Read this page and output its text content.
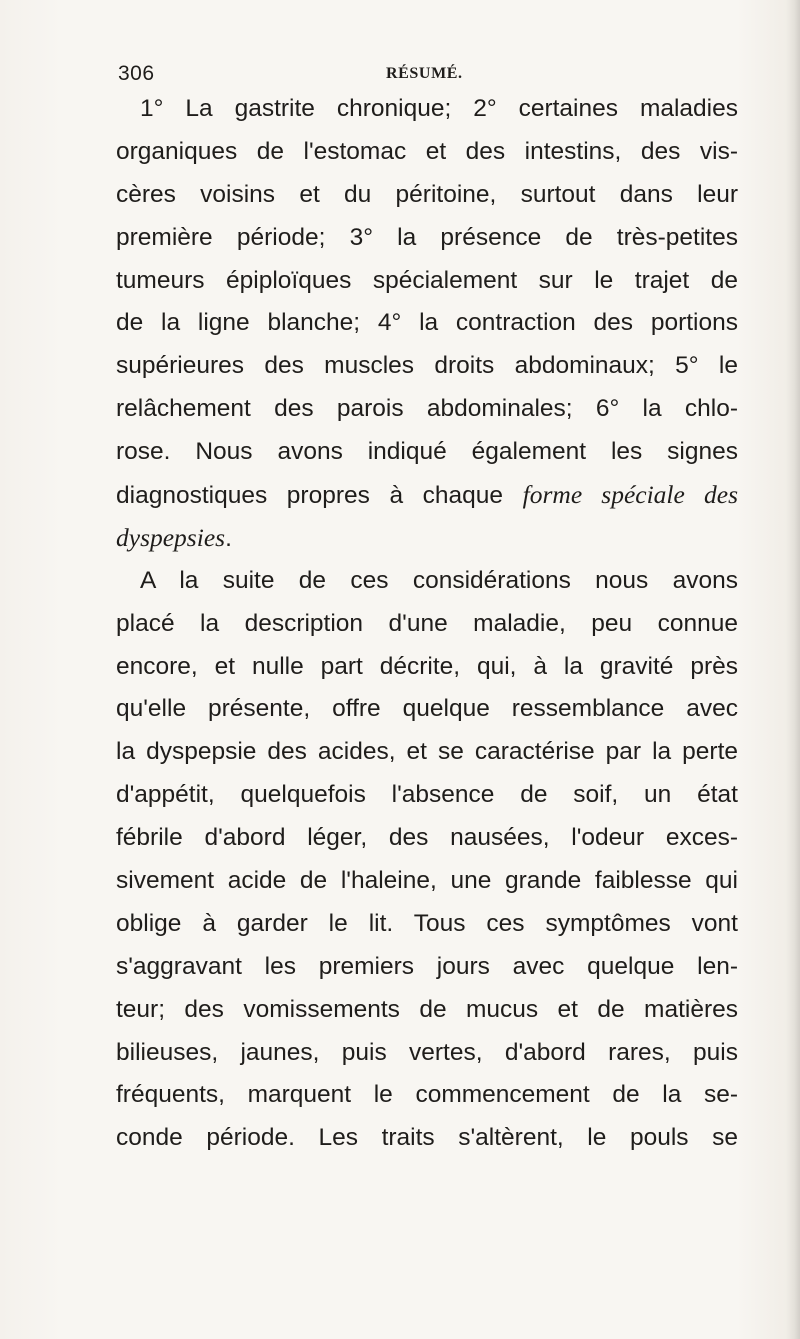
306	RÉSUMÉ.
1° La gastrite chronique; 2° certaines maladies
organiques de l'estomac et des intestins, des vis-
cères voisins et du péritoine, surtout dans leur
première période; 3° la présence de très-petites
tumeurs épiploïques spécialement sur le trajet de
de la ligne blanche; 4° la contraction des portions
supérieures des muscles droits abdominaux; 5° le
relâchement des parois abdominales; 6° la chlo-
rose. Nous avons indiqué également les signes
diagnostiques propres à chaque forme spéciale des
dyspepsies.
A la suite de ces considérations nous avons
placé la description d'une maladie, peu connue
encore, et nulle part décrite, qui, à la gravité près
qu'elle présente, offre quelque ressemblance avec
la dyspepsie des acides, et se caractérise par la perte
d'appétit, quelquefois l'absence de soif, un état
fébrile d'abord léger, des nausées, l'odeur exces-
sivement acide de l'haleine, une grande faiblesse qui
oblige à garder le lit. Tous ces symptômes vont
s'aggravant les premiers jours avec quelque len-
teur; des vomissements de mucus et de matières
bilieuses, jaunes, puis vertes, d'abord rares, puis
fréquents, marquent le commencement de la se-
conde période. Les traits s'altèrent, le pouls se
